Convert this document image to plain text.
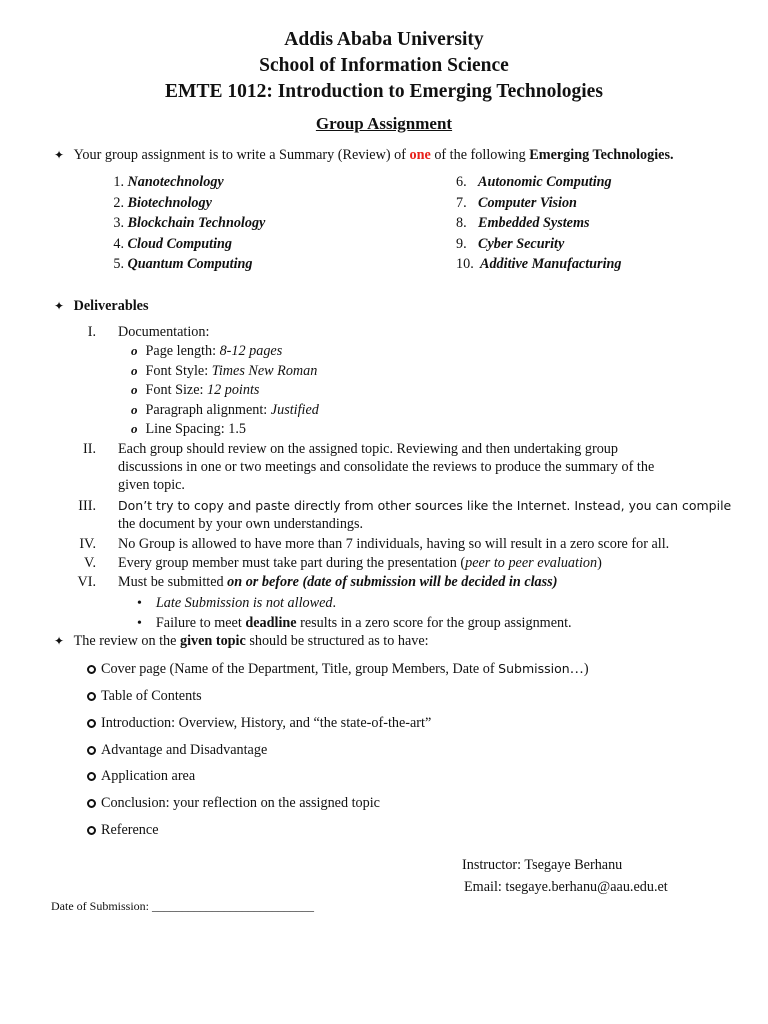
Addis Ababa University
School of Information Science
EMTE 1012: Introduction to Emerging Technologies
Group Assignment
✦ Your group assignment is to write a Summary (Review) of one of the following Emerging Technologies.
1. Nanotechnology
2. Biotechnology
3. Blockchain Technology
4. Cloud Computing
5. Quantum Computing
6. Autonomic Computing
7. Computer Vision
8. Embedded Systems
9. Cyber Security
10. Additive Manufacturing
✦ Deliverables
I. Documentation:
o Page length: 8-12 pages
o Font Style: Times New Roman
o Font Size: 12 points
o Paragraph alignment: Justified
o Line Spacing: 1.5
II. Each group should review on the assigned topic. Reviewing and then undertaking group
discussions in one or two meetings and consolidate the reviews to produce the summary of the
given topic.
III. Don’t try to copy and paste directly from other sources like the Internet. Instead, you can compile
the document by your own understandings.
IV. No Group is allowed to have more than 7 individuals, having so will result in a zero score for all.
V. Every group member must take part during the presentation (peer to peer evaluation)
VI. Must be submitted on or before (date of submission will be decided in class)
• Late Submission is not allowed.
• Failure to meet deadline results in a zero score for the group assignment.
✦ The review on the given topic should be structured as to have:
Cover page (Name of the Department, Title, group Members, Date of Submission…)
Table of Contents
Introduction: Overview, History, and “the state-of-the-art”
Advantage and Disadvantage
Application area
Conclusion: your reflection on the assigned topic
Reference
Instructor: Tsegaye Berhanu
Email: tsegaye.berhanu@aau.edu.et
Date of Submission: ___________________________
